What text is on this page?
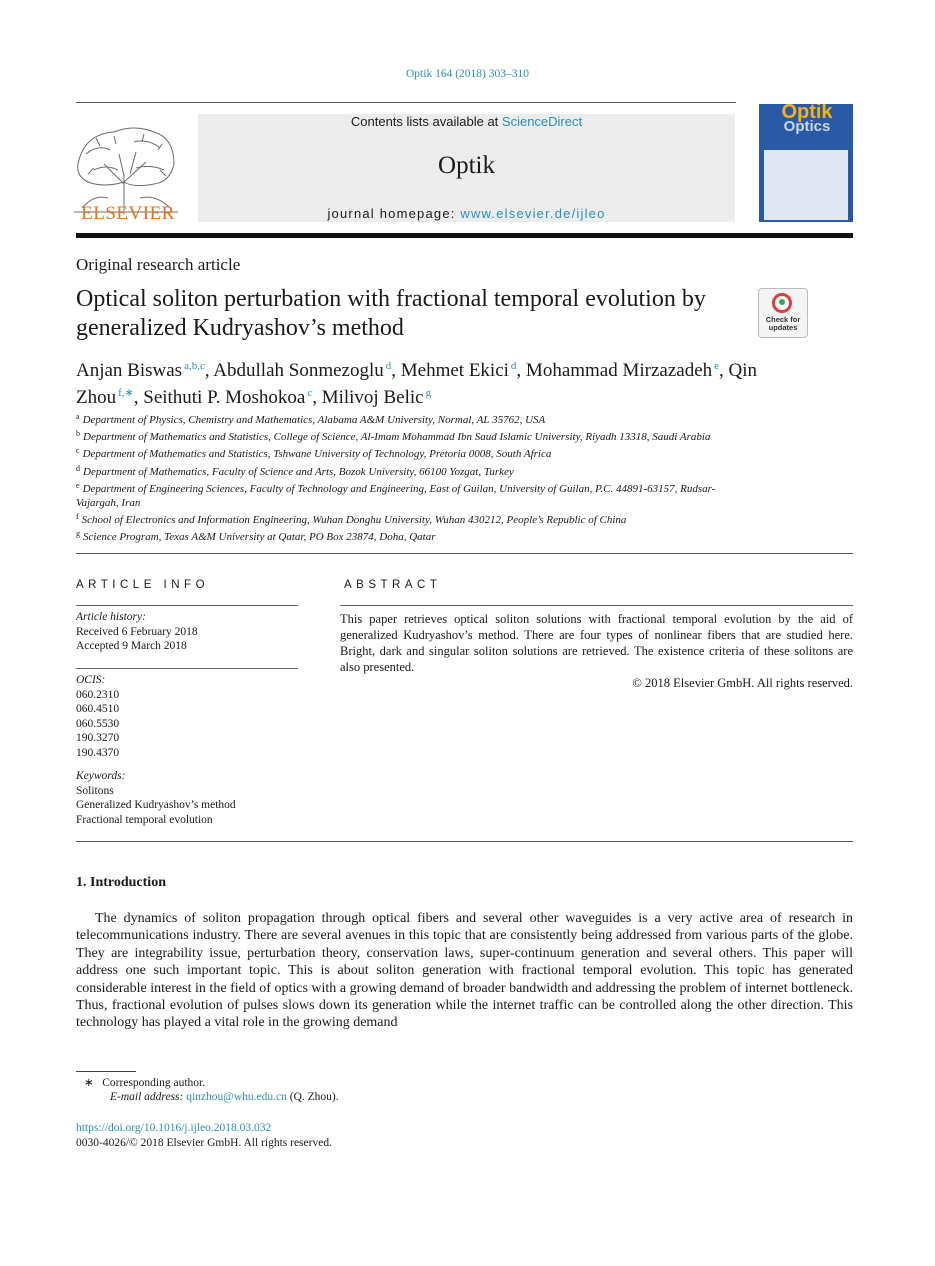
Optik 164 (2018) 303–310
ELSEVIER
Contents lists available at ScienceDirect
Optik
journal homepage: www.elsevier.de/ijleo
Optik
Optics
Original research article
Optical soliton perturbation with fractional temporal evolution by generalized Kudryashov’s method	Check for updates
Anjan Biswas $^{a,b,c}$, Abdullah Sonmezoglu $^d$, Mehmet Ekici $^d$, Mohammad Mirzazadeh $^e$, Qin Zhou $^{f,∗}$, Seithuti P. Moshokoa $^c$, Milivoj Belic $^g$
$^a$ Department of Physics, Chemistry and Mathematics, Alabama A&M University, Normal, AL 35762, USA
$^b$ Department of Mathematics and Statistics, College of Science, Al-Imam Mohammad Ibn Saud Islamic University, Riyadh 13318, Saudi Arabia
$^c$ Department of Mathematics and Statistics, Tshwane University of Technology, Pretoria 0008, South Africa
$^d$ Department of Mathematics, Faculty of Science and Arts, Bozok University, 66100 Yozgat, Turkey
$^e$ Department of Engineering Sciences, Faculty of Technology and Engineering, East of Guilan, University of Guilan, P.C. 44891-63157, Rudsar-Vajargah, Iran
$^f$ School of Electronics and Information Engineering, Wuhan Donghu University, Wuhan 430212, People’s Republic of China
$^g$ Science Program, Texas A&M University at Qatar, PO Box 23874, Doha, Qatar
ARTICLE INFO	ABSTRACT
Article history:
Received 6 February 2018
Accepted 9 March 2018
OCIS:
060.2310
060.4510
060.5530
190.3270
190.4370
Keywords:
Solitons
Generalized Kudryashov’s method
Fractional temporal evolution
This paper retrieves optical soliton solutions with fractional temporal evolution by the aid of generalized Kudryashov’s method. There are four types of nonlinear fibers that are studied here. Bright, dark and singular soliton solutions are retrieved. The existence criteria of these solitons are also presented.
© 2018 Elsevier GmbH. All rights reserved.
1. Introduction
The dynamics of soliton propagation through optical fibers and several other waveguides is a very active area of research in telecommunications industry. There are several avenues in this topic that are consistently being addressed from various parts of the globe. They are integrability issue, perturbation theory, conservation laws, super-continuum generation and several others. This paper will address one such important topic. This is about soliton generation with fractional temporal evolution. This topic has generated considerable interest in the field of optics with a growing demand of broader bandwidth and addressing the problem of internet bottleneck. Thus, fractional evolution of pulses slows down its generation while the internet traffic can be controlled along the other direction. This technology has played a vital role in the growing demand
∗ Corresponding author.
E-mail address: qinzhou@whu.edu.cn (Q. Zhou).
https://doi.org/10.1016/j.ijleo.2018.03.032
0030-4026/© 2018 Elsevier GmbH. All rights reserved.
